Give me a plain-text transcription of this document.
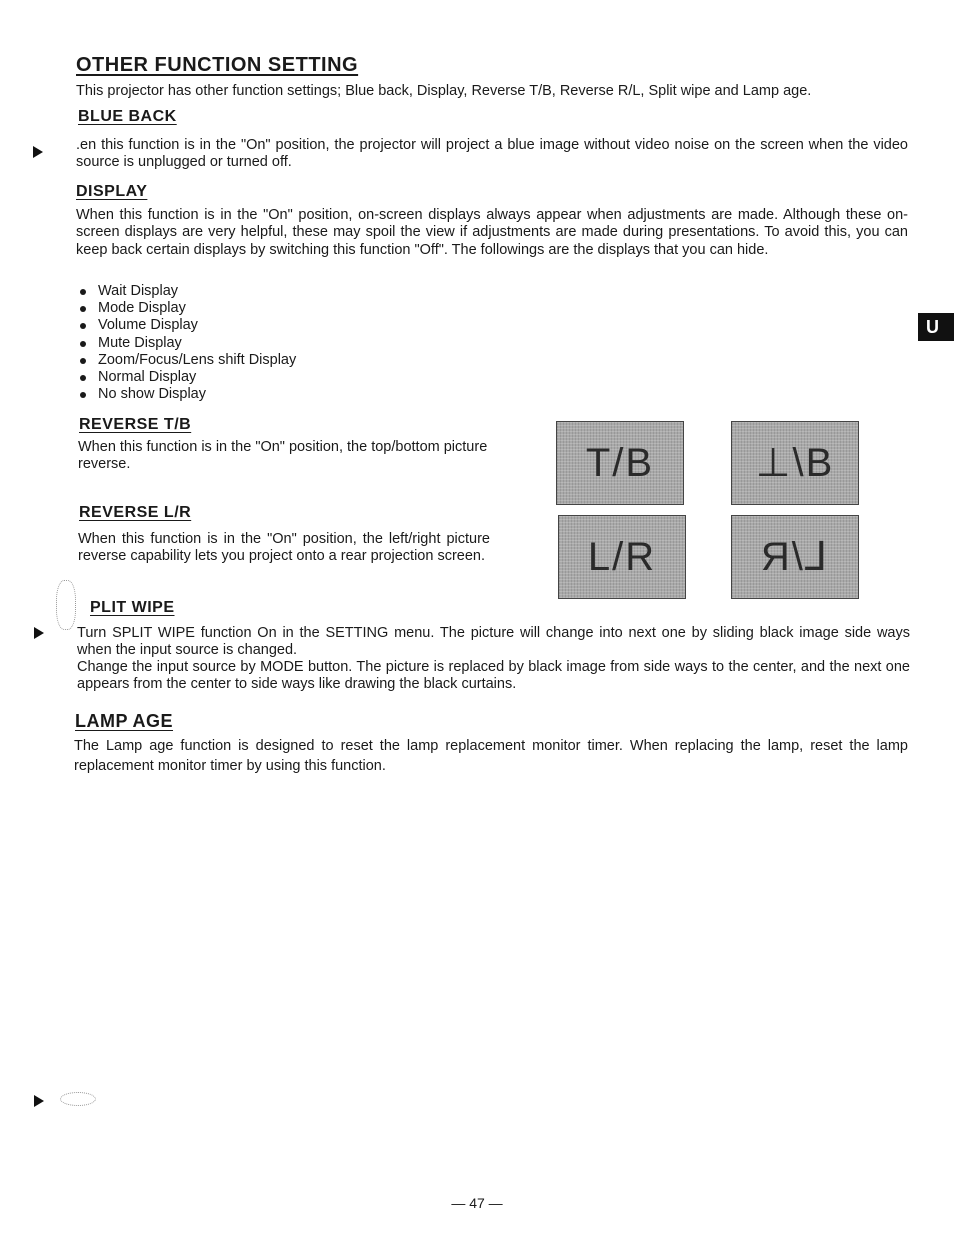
OTHER FUNCTION SETTING

This projector has other function settings; Blue back, Display, Reverse T/B, Reverse R/L, Split wipe and Lamp age.

BLUE BACK

.en this function is in the "On" position, the projector will project a blue image without video noise on the screen when the video source is unplugged or turned off.

DISPLAY

When this function is in the "On" position, on-screen displays always appear when adjustments are made. Although these on-screen displays are very helpful, these may spoil the view if adjustments are made during presentations. To avoid this, you can keep back certain displays by switching this function "Off". The followings are the displays that you can hide.

Wait Display
Mode Display
Volume Display
Mute Display
Zoom/Focus/Lens shift Display
Normal Display
No show Display
U
REVERSE T/B

When this function is in the "On" position, the top/bottom picture reverse.	T/B	⊥\B
REVERSE L/R

When this function is in the "On" position, the left/right picture reverse capability lets you project onto a rear projection screen.	L/R	Я\⅃
PLIT WIPE

Turn SPLIT WIPE function On in the SETTING menu. The picture will change into next one by sliding black image side ways when the input source is changed.

Change the input source by MODE button. The picture is replaced by black image from side ways to the center, and the next one appears from the center to side ways like drawing the black curtains.

LAMP AGE

The Lamp age function is designed to reset the lamp replacement monitor timer. When replacing the lamp, reset the lamp replacement monitor timer by using this function.

— 47 —
